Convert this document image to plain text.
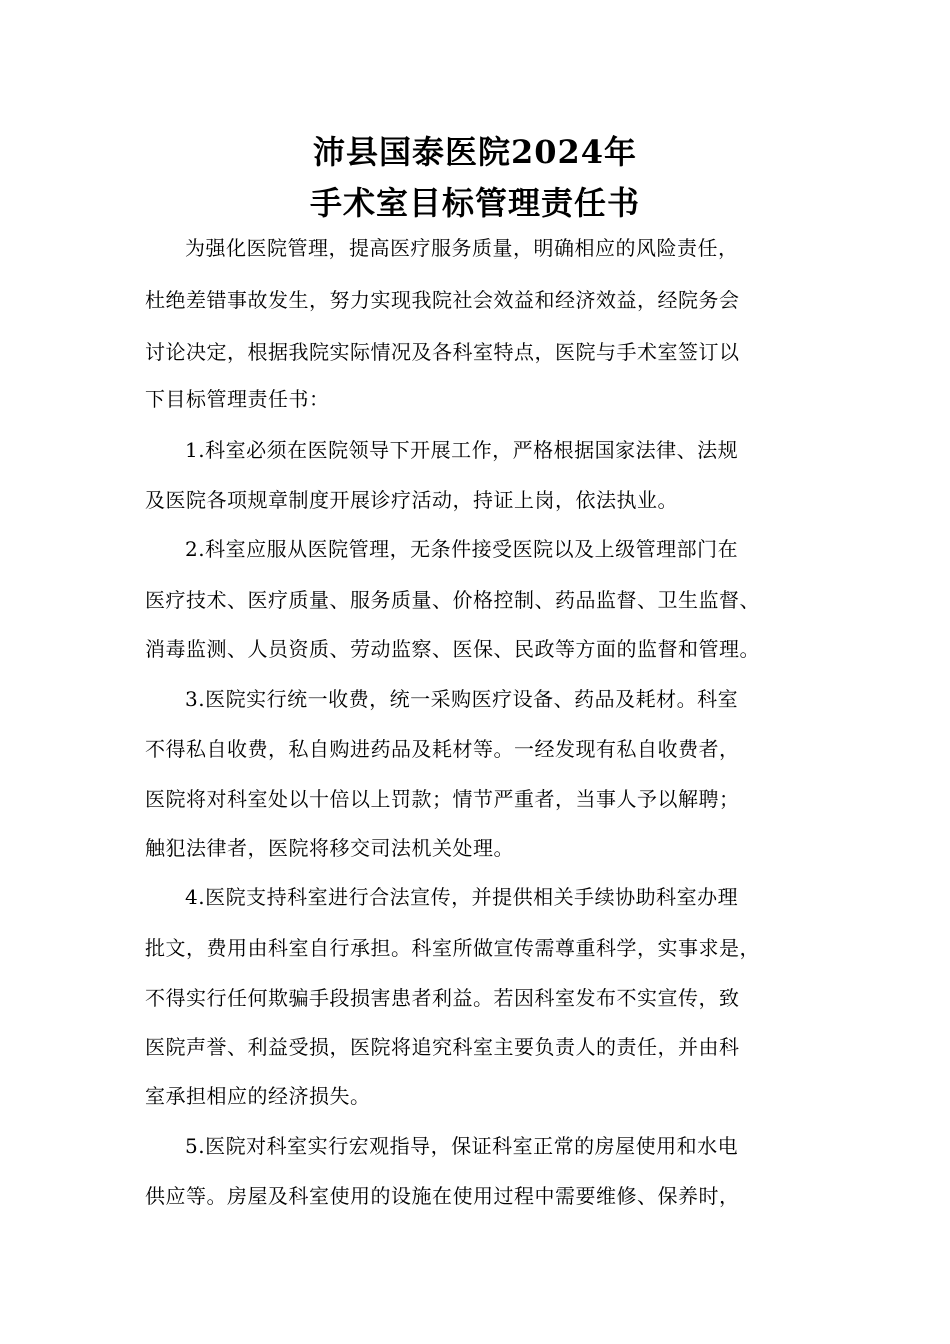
沛县国泰医院2024年
手术室目标管理责任书
为强化医院管理，提高医疗服务质量，明确相应的风险责任，
杜绝差错事故发生，努力实现我院社会效益和经济效益，经院务会
讨论决定，根据我院实际情况及各科室特点，医院与手术室签订以
下目标管理责任书：
1.科室必须在医院领导下开展工作，严格根据国家法律、法规
及医院各项规章制度开展诊疗活动，持证上岗，依法执业。
2.科室应服从医院管理，无条件接受医院以及上级管理部门在
医疗技术、医疗质量、服务质量、价格控制、药品监督、卫生监督、
消毒监测、人员资质、劳动监察、医保、民政等方面的监督和管理。
3.医院实行统一收费，统一采购医疗设备、药品及耗材。科室
不得私自收费，私自购进药品及耗材等。一经发现有私自收费者，
医院将对科室处以十倍以上罚款；情节严重者，当事人予以解聘；
触犯法律者，医院将移交司法机关处理。
4.医院支持科室进行合法宣传，并提供相关手续协助科室办理
批文，费用由科室自行承担。科室所做宣传需尊重科学，实事求是，
不得实行任何欺骗手段损害患者利益。若因科室发布不实宣传，致
医院声誉、利益受损，医院将追究科室主要负责人的责任，并由科
室承担相应的经济损失。
5.医院对科室实行宏观指导，保证科室正常的房屋使用和水电
供应等。房屋及科室使用的设施在使用过程中需要维修、保养时，
